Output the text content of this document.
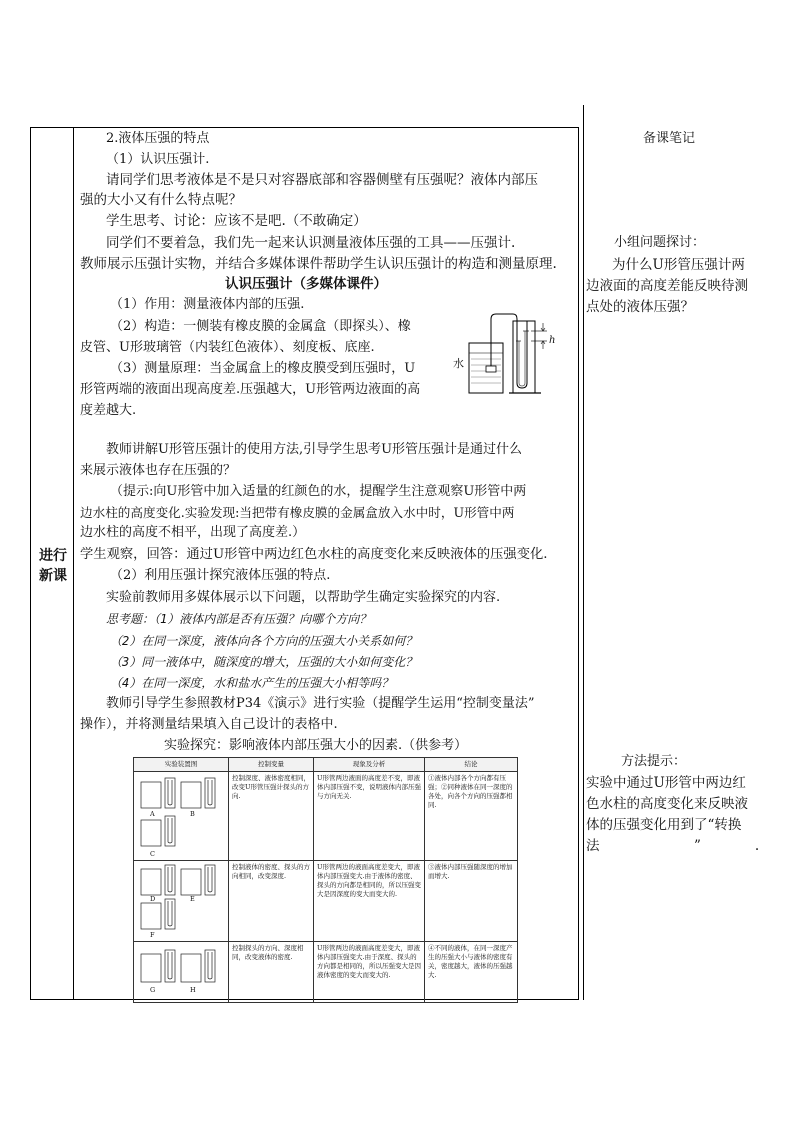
进行
新课
2.液体压强的特点
（1）认识压强计.
请同学们思考液体是不是只对容器底部和容器侧壁有压强呢？液体内部压
强的大小又有什么特点呢？
学生思考、讨论：应该不是吧.（不敢确定）
同学们不要着急，我们先一起来认识测量液体压强的工具——压强计.
教师展示压强计实物，并结合多媒体课件帮助学生认识压强计的构造和测量原理.
认识压强计（多媒体课件）
（1）作用：测量液体内部的压强.
（2）构造：一侧装有橡皮膜的金属盒（即探头）、橡
皮管、U形玻璃管（内装红色液体）、刻度板、底座.
（3）测量原理：当金属盒上的橡皮膜受到压强时，U
形管两端的液面出现高度差.压强越大，U形管两边液面的高
度差越大.
水
h
教师讲解U形管压强计的使用方法,引导学生思考U形管压强计是通过什么
来展示液体也存在压强的？
（提示:向U形管中加入适量的红颜色的水，提醒学生注意观察U形管中两
边水柱的高度变化.实验发现:当把带有橡皮膜的金属盒放入水中时，U形管中两
边水柱的高度不相平，出现了高度差.）
学生观察，回答：通过U形管中两边红色水柱的高度变化来反映液体的压强变化.
（2）利用压强计探究液体压强的特点.
实验前教师用多媒体展示以下问题，以帮助学生确定实验探究的内容.
思考题：（1）液体内部是否有压强？向哪个方向？
（2）在同一深度，液体向各个方向的压强大小关系如何？
（3）同一液体中，随深度的增大，压强的大小如何变化？
（4）在同一深度，水和盐水产生的压强大小相等吗？
教师引导学生参照教材P34《演示》进行实验（提醒学生运用“控制变量法”
操作），并将测量结果填入自己设计的表格中.
实验探究：影响液体内部压强大小的因素.（供参考）
实验装置图	控制变量	现象及分析	结论

A B
C	控制深度、液体密度相同，改变U形管压强计探头的方向.	U形管两边液面的高度差不变，即液体内部压强不变，说明液体内部压强与方向无关.	①液体内部各个方向都有压强；②同种液体在同一深度的各处，向各个方向的压强都相同.

D E
F	控制液体的密度、探头的方向相同，改变深度.	U形管两边的液面高度差变大，即液体内部压强变大.由于液体的密度、探头的方向都是相同的，所以压强变大是因深度的变大而变大的.	③液体内部压强随深度的增加而增大.

G H	控制探头的方向、深度相同，改变液体的密度.	U形管两边的液面高度差变大，即液体内部压强变大.由于深度、探头的方向都是相同的，所以压强变大是因液体密度的变大而变大的.	④不同的液体，在同一深度产生的压强大小与液体的密度有关，密度越大，液体的压强越大.
备课笔记
小组问题探讨：
为什么U形管压强计两
边液面的高度差能反映待测
点处的液体压强？
方法提示：
实验中通过U形管中两边红
色水柱的高度变化来反映液
体的压强变化用到了“转换
法　　　　　　　”　　　　.
